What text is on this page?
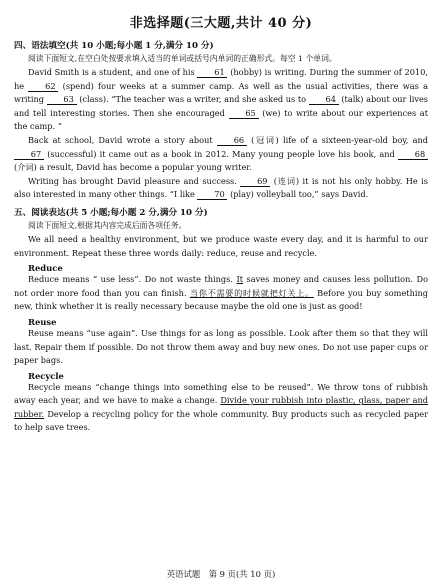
非选择题(三大题,共计 40 分)
四、语法填空(共 10 小题;每小题 1 分,满分 10 分)
阅读下面短文,在空白处按要求填入适当的单词或括号内单词的正确形式。每空 1 个单词。

David Smith is a student, and one of his 61 (hobby) is writing. During the summer of 2010, he	62 (spend) four weeks at a summer camp. As well as the usual activities, there was a writing 63 (class). “The teacher was a writer, and she asked us to 64 (talk) about our lives and tell interesting stories. Then she encouraged 65 (we) to write about our experiences at the camp. ”

Back at school, David wrote a story about	66 (冠词) life of a sixteen-year-old boy, and 67 (successful) it came out as a book in 2012. Many young people love his book, and 68 (介词) a result, David has become a popular young writer.

Writing has brought David pleasure and success. 69 (连词) it is not his only hobby. He is also interested in many other things. “I like 70 (play) volleyball too,” says David.

五、阅读表达(共 5 小题;每小题 2 分,满分 10 分)
阅读下面短文,根据其内容完成后面各项任务。

We all need a healthy environment, but we produce waste every day, and it is harmful to our environment. Repeat these three words daily: reduce, reuse and recycle.

Reduce

Reduce means “ use less”. Do not waste things. It saves money and causes less pollution. Do not order more food than you can finish. 当你不需要的时候就把灯关上。 Before you buy something new, think whether it is really necessary because maybe the old one is just as good!

Reuse

Reuse means “use again”. Use things for as long as possible. Look after them so that they will last. Repair them if possible. Do not throw them away and buy new ones. Do not use paper cups or paper bags.

Recycle

Recycle means “change things into something else to be reused”. We throw tons of rubbish away each year, and we have to make a change. Divide your rubbish into plastic, glass, paper and rubber. Develop a recycling policy for the whole community. Buy products such as recycled paper to help save trees.

英语试题　第 9 页(共 10 页)
